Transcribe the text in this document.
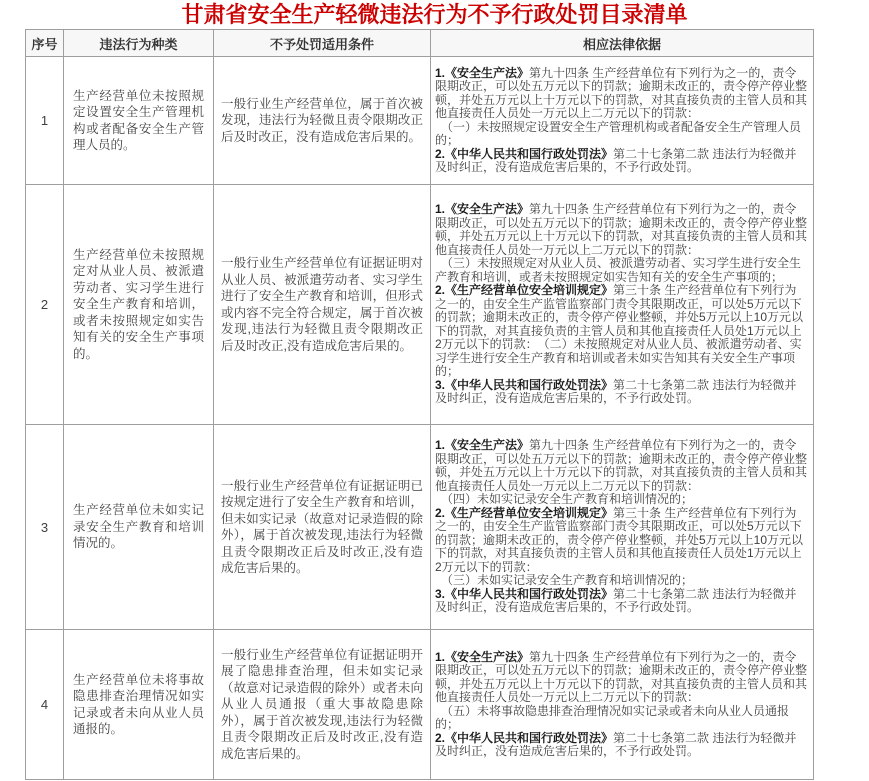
甘肃省安全生产轻微违法行为不予行政处罚目录清单
序号	违法行为种类	不予处罚适用条件	相应法律依据
1	生产经营单位未按照规定设置安全生产管理机构或者配备安全生产管理人员的。	一般行业生产经营单位，属于首次被发现，违法行为轻微且责令限期改正后及时改正，没有造成危害后果的。	1.《安全生产法》第九十四条 生产经营单位有下列行为之一的，责令限期改正，可以处五万元以下的罚款；逾期未改正的，责令停产停业整顿，并处五万元以上十万元以下的罚款，对其直接负责的主管人员和其他直接责任人员处一万元以上二万元以下的罚款：
（一）未按照规定设置安全生产管理机构或者配备安全生产管理人员的；
2.《中华人民共和国行政处罚法》第二十七条第二款 违法行为轻微并及时纠正，没有造成危害后果的，不予行政处罚。

2	生产经营单位未按照规定对从业人员、被派遣劳动者、实习学生进行安全生产教育和培训，或者未按照规定如实告知有关的安全生产事项的。	一般行业生产经营单位有证据证明对从业人员、被派遣劳动者、实习学生进行了安全生产教育和培训，但形式或内容不完全符合规定，属于首次被发现,违法行为轻微且责令限期改正后及时改正,没有造成危害后果的。	1.《安全生产法》第九十四条 生产经营单位有下列行为之一的，责令限期改正，可以处五万元以下的罚款；逾期未改正的，责令停产停业整顿，并处五万元以上十万元以下的罚款，对其直接负责的主管人员和其他直接责任人员处一万元以上二万元以下的罚款：
（三）未按照规定对从业人员、被派遣劳动者、实习学生进行安全生产教育和培训，或者未按照规定如实告知有关的安全生产事项的；
2.《生产经营单位安全培训规定》第三十条 生产经营单位有下列行为之一的，由安全生产监管监察部门责令其限期改正，可以处5万元以下的罚款；逾期未改正的，责令停产停业整顿，并处5万元以上10万元以下的罚款，对其直接负责的主管人员和其他直接责任人员处1万元以上2万元以下的罚款：　（二）未按照规定对从业人员、被派遣劳动者、实习学生进行安全生产教育和培训或者未如实告知其有关安全生产事项的；
3.《中华人民共和国行政处罚法》第二十七条第二款 违法行为轻微并及时纠正，没有造成危害后果的，不予行政处罚。

3	生产经营单位未如实记录安全生产教育和培训情况的。	一般行业生产经营单位有证据证明已按规定进行了安全生产教育和培训，但未如实记录（故意对记录造假的除外），属于首次被发现,违法行为轻微且责令限期改正后及时改正,没有造成危害后果的。	1.《安全生产法》第九十四条 生产经营单位有下列行为之一的，责令限期改正，可以处五万元以下的罚款；逾期未改正的，责令停产停业整顿，并处五万元以上十万元以下的罚款，对其直接负责的主管人员和其他直接责任人员处一万元以上二万元以下的罚款：
（四）未如实记录安全生产教育和培训情况的；
2.《生产经营单位安全培训规定》第三十条 生产经营单位有下列行为之一的，由安全生产监管监察部门责令其限期改正，可以处5万元以下的罚款；逾期未改正的，责令停产停业整顿，并处5万元以上10万元以下的罚款，对其直接负责的主管人员和其他直接责任人员处1万元以上2万元以下的罚款：
（三）未如实记录安全生产教育和培训情况的；
3.《中华人民共和国行政处罚法》第二十七条第二款 违法行为轻微并及时纠正，没有造成危害后果的，不予行政处罚。

4	生产经营单位未将事故隐患排查治理情况如实记录或者未向从业人员通报的。	一般行业生产经营单位有证据证明开展了隐患排查治理，但未如实记录（故意对记录造假的除外）或者未向从业人员通报（重大事故隐患除外），属于首次被发现,违法行为轻微且责令限期改正后及时改正,没有造成危害后果的。	1.《安全生产法》第九十四条 生产经营单位有下列行为之一的，责令限期改正，可以处五万元以下的罚款；逾期未改正的，责令停产停业整顿，并处五万元以上十万元以下的罚款，对其直接负责的主管人员和其他直接责任人员处一万元以上二万元以下的罚款：
（五）未将事故隐患排查治理情况如实记录或者未向从业人员通报的；
2.《中华人民共和国行政处罚法》第二十七条第二款 违法行为轻微并及时纠正，没有造成危害后果的，不予行政处罚。
